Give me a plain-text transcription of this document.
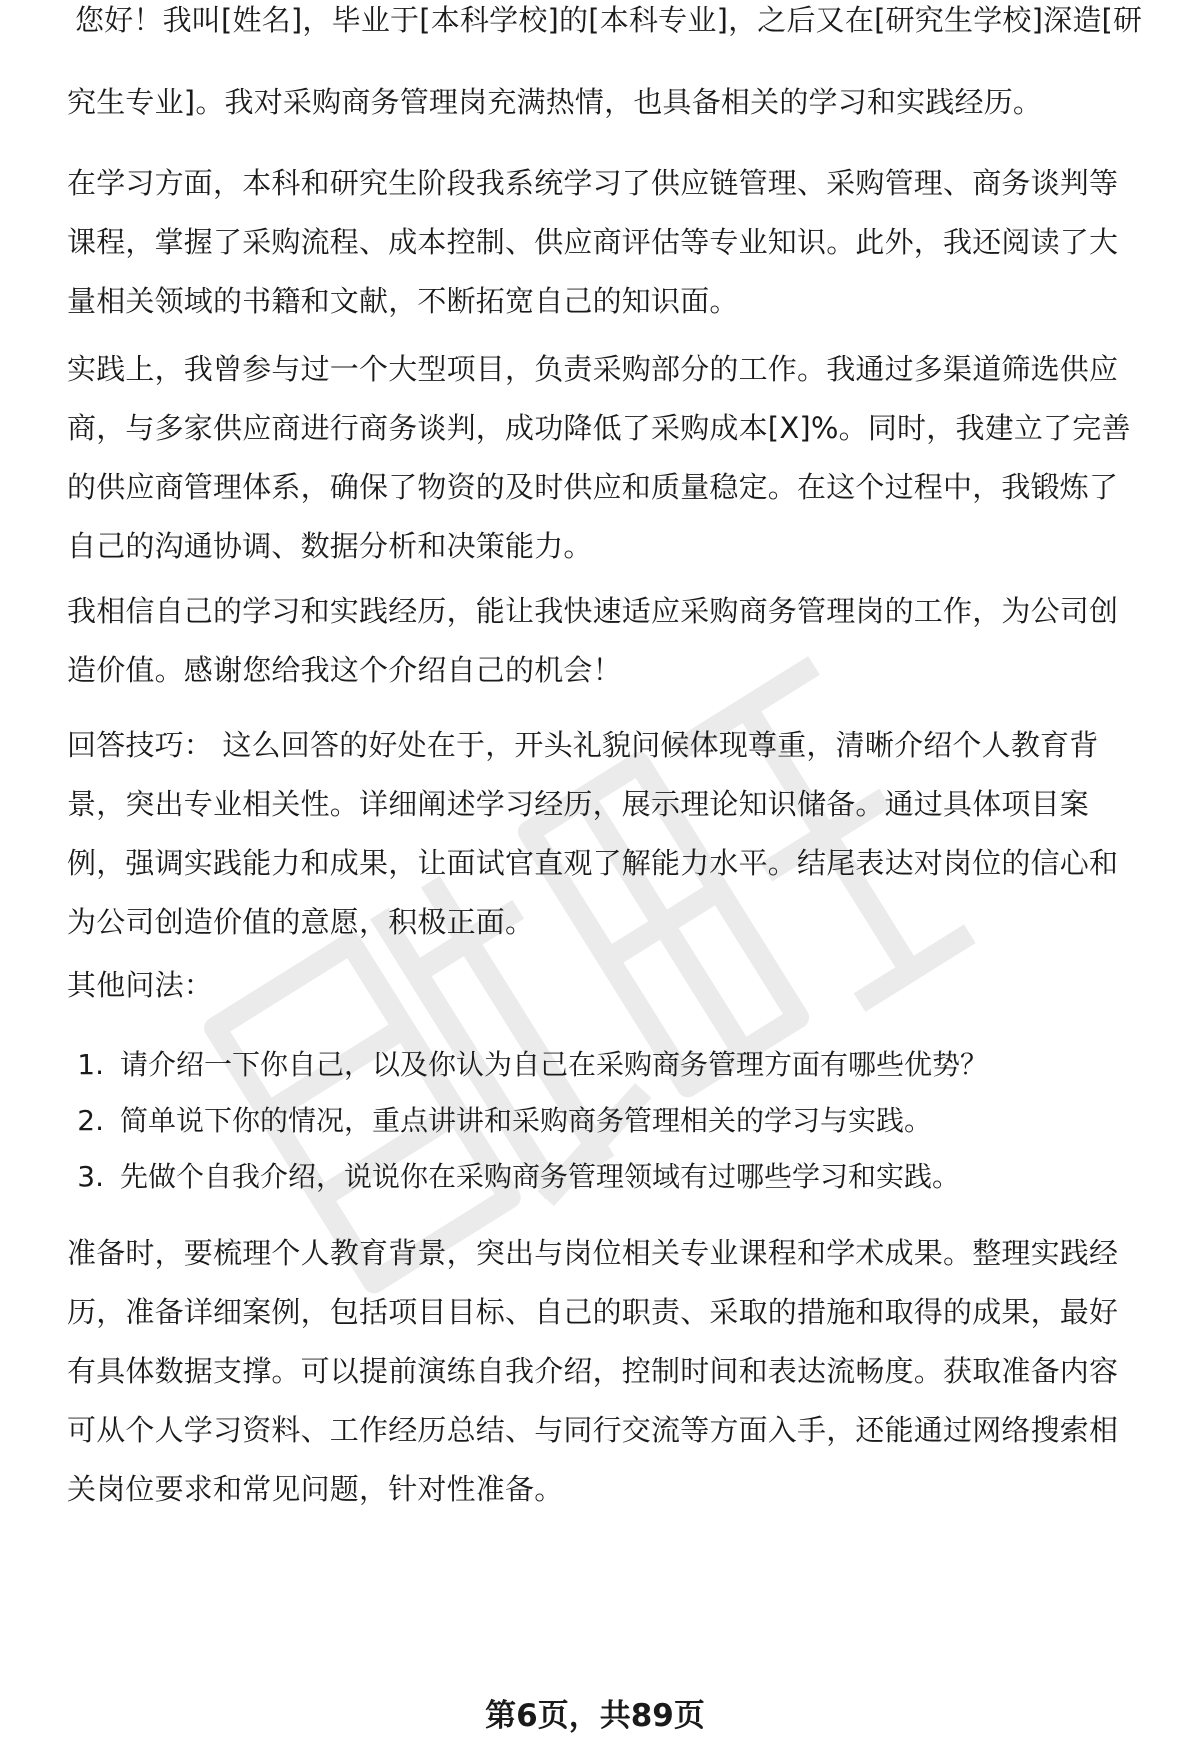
您好！我叫[姓名]，毕业于[本科学校]的[本科专业]，之后又在[研究生学校]深造[研

究生专业]。我对采购商务管理岗充满热情，也具备相关的学习和实践经历。

在学习方面，本科和研究生阶段我系统学习了供应链管理、采购管理、商务谈判等

课程，掌握了采购流程、成本控制、供应商评估等专业知识。此外，我还阅读了大

量相关领域的书籍和文献，不断拓宽自己的知识面。

实践上，我曾参与过一个大型项目，负责采购部分的工作。我通过多渠道筛选供应

商，与多家供应商进行商务谈判，成功降低了采购成本[X]%。同时，我建立了完善

的供应商管理体系，确保了物资的及时供应和质量稳定。在这个过程中，我锻炼了

自己的沟通协调、数据分析和决策能力。

我相信自己的学习和实践经历，能让我快速适应采购商务管理岗的工作，为公司创

造价值。感谢您给我这个介绍自己的机会！

回答技巧： 这么回答的好处在于，开头礼貌问候体现尊重，清晰介绍个人教育背

景，突出专业相关性。详细阐述学习经历，展示理论知识储备。通过具体项目案

例，强调实践能力和成果，让面试官直观了解能力水平。结尾表达对岗位的信心和

为公司创造价值的意愿，积极正面。

其他问法：

1. 请介绍一下你自己，以及你认为自己在采购商务管理方面有哪些优势？
2. 简单说下你的情况，重点讲讲和采购商务管理相关的学习与实践。
3. 先做个自我介绍，说说你在采购商务管理领域有过哪些学习和实践。

准备时，要梳理个人教育背景，突出与岗位相关专业课程和学术成果。整理实践经

历，准备详细案例，包括项目目标、自己的职责、采取的措施和取得的成果，最好

有具体数据支撑。可以提前演练自我介绍，控制时间和表达流畅度。获取准备内容

可从个人学习资料、工作经历总结、与同行交流等方面入手，还能通过网络搜索相

关岗位要求和常见问题，针对性准备。

第6页，共89页
